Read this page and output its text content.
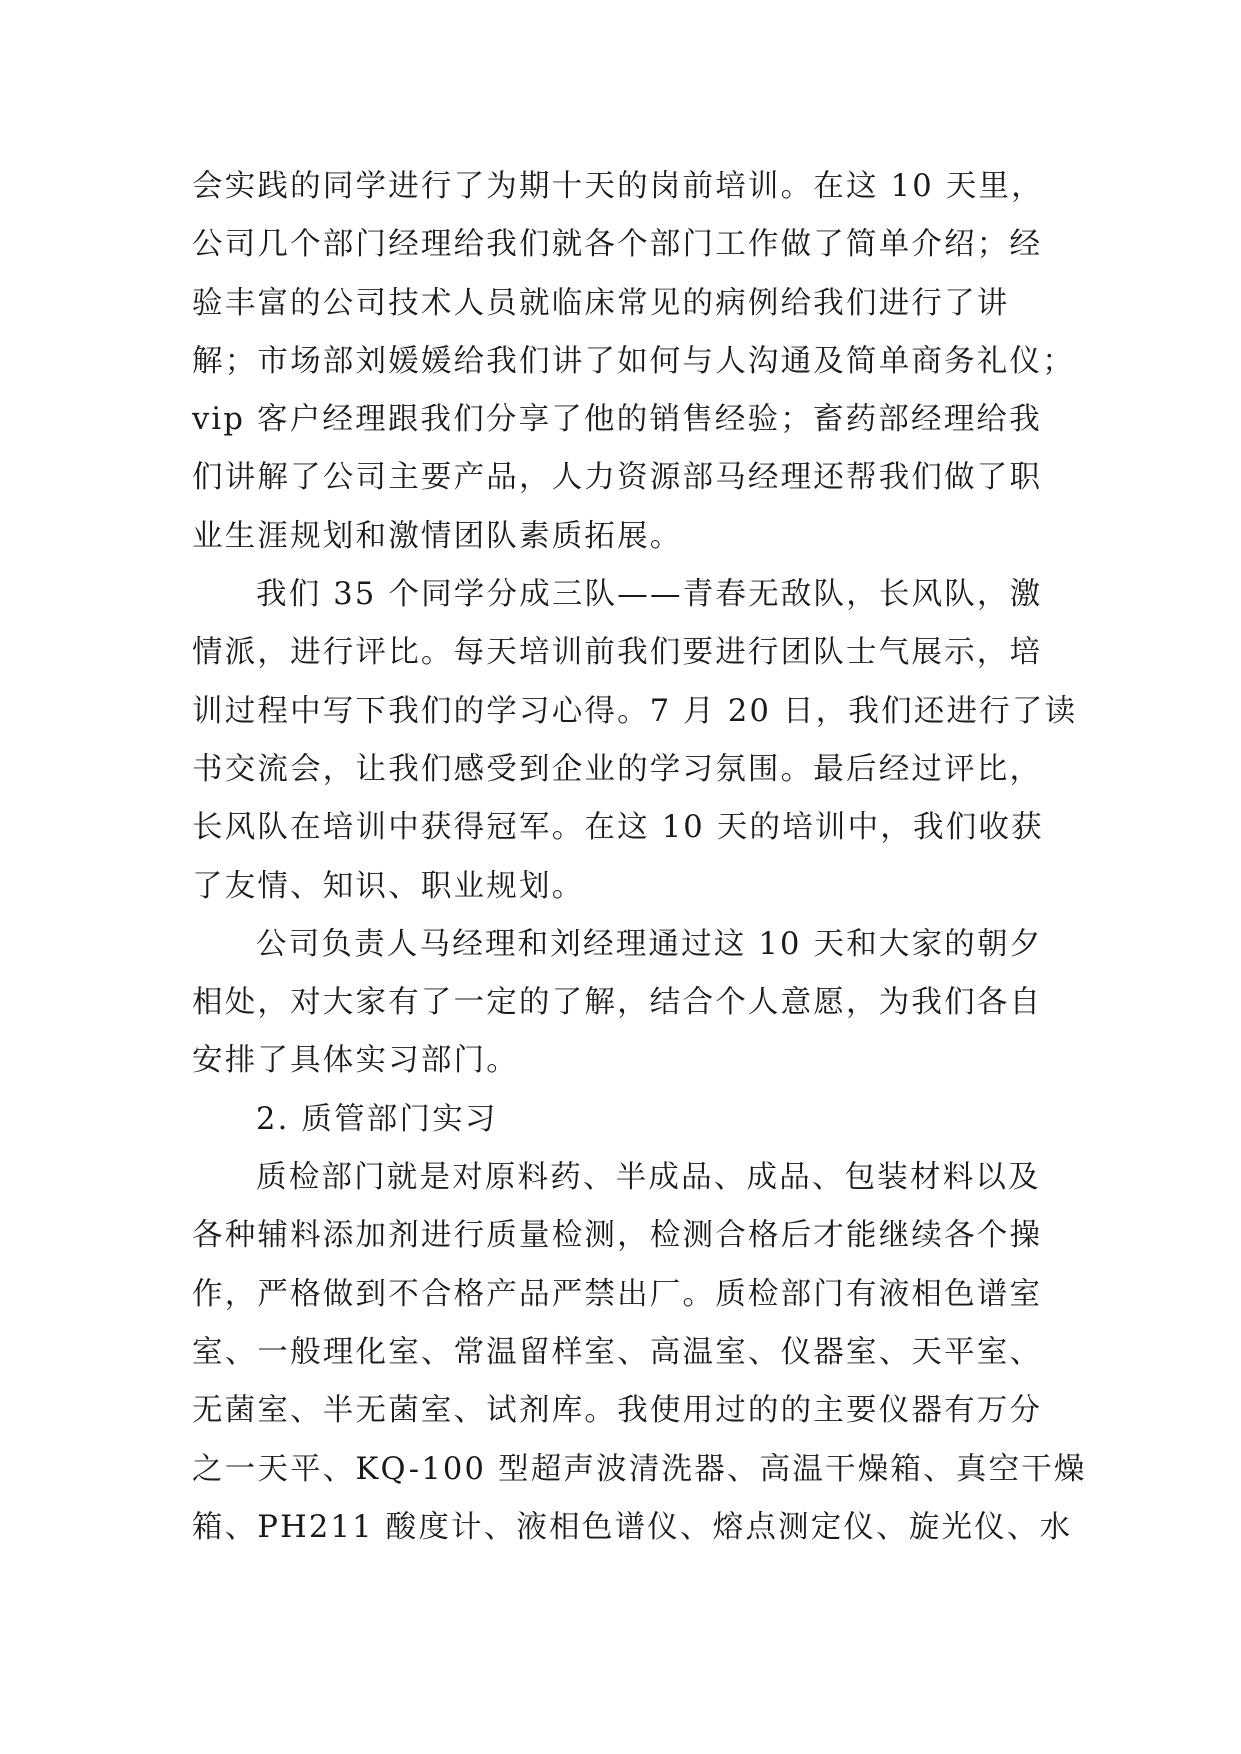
会实践的同学进行了为期十天的岗前培训。在这 10 天里，
公司几个部门经理给我们就各个部门工作做了简单介绍；经
验丰富的公司技术人员就临床常见的病例给我们进行了讲
解；市场部刘媛媛给我们讲了如何与人沟通及简单商务礼仪；
vip 客户经理跟我们分享了他的销售经验；畜药部经理给我
们讲解了公司主要产品，人力资源部马经理还帮我们做了职
业生涯规划和激情团队素质拓展。
我们 35 个同学分成三队——青春无敌队，长风队，激
情派，进行评比。每天培训前我们要进行团队士气展示，培
训过程中写下我们的学习心得。7 月 20 日，我们还进行了读
书交流会，让我们感受到企业的学习氛围。最后经过评比，
长风队在培训中获得冠军。在这 10 天的培训中，我们收获
了友情、知识、职业规划。
公司负责人马经理和刘经理通过这 10 天和大家的朝夕
相处，对大家有了一定的了解，结合个人意愿，为我们各自
安排了具体实习部门。
2. 质管部门实习
质检部门就是对原料药、半成品、成品、包装材料以及
各种辅料添加剂进行质量检测，检测合格后才能继续各个操
作，严格做到不合格产品严禁出厂。质检部门有液相色谱室
室、一般理化室、常温留样室、高温室、仪器室、天平室、
无菌室、半无菌室、试剂库。我使用过的的主要仪器有万分
之一天平、KQ-100 型超声波清洗器、高温干燥箱、真空干燥
箱、PH211 酸度计、液相色谱仪、熔点测定仪、旋光仪、水
